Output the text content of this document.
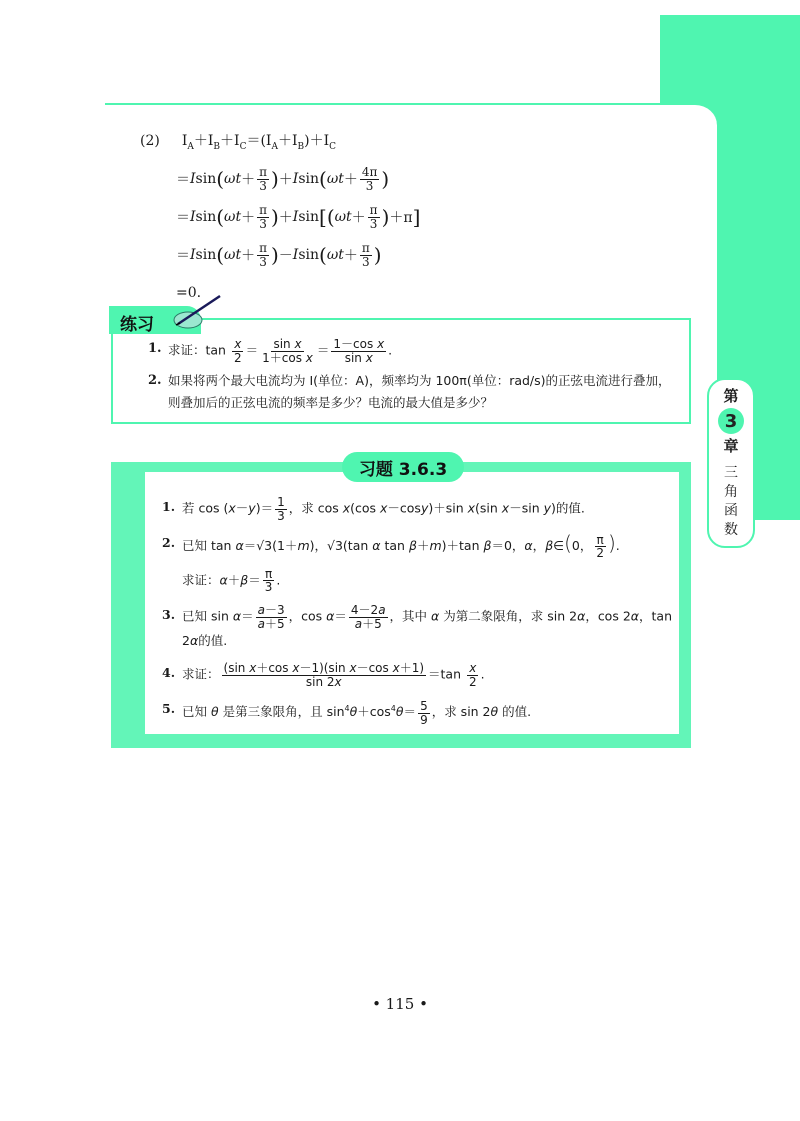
第
3
章
三
角
函
数
(2) $I_A+I_B+I_C=(I_A+I_B)+I_C$
＝ I sin ( $\omega t + \frac{\pi}{3}$ ) ＋ I sin ( $\omega t + \frac{4\pi}{3}$ )
＝ I sin ( $\omega t + \frac{\pi}{3}$ ) ＋ I sin [ ( $\omega t + \frac{\pi}{3}$ ) ＋π ]
＝ I sin ( $\omega t + \frac{\pi}{3}$ ) － I sin ( $\omega t + \frac{\pi}{3}$ )
=0.
练习
1. 求证：$\tan \frac{x}{2} = \frac{\text{sin x}}{\text{1＋cos x}} = \frac{\text{1－cos x}}{\text{sin x}}$ .
2. 如果将两个最大电流均为 I(单位：A)，频率均为 100π(单位：rad/s)的正弦电流进行叠加，则叠加后的正弦电流的频率是多少？电流的最大值是多少？
习题 3.6.3
1. 若 $\cos (x-y)= \frac{1}{3}$ ，求 cos x(cos x－cosy)＋sin x(sin x－sin y)的值.
2. 已知 tan α＝√3(1＋m)，√3(tan α tan β＋m)＋tan β＝0，α，β∈(0， $\frac{\pi}{2}$ ).
求证：$\alpha+\beta= \frac{\pi}{3}$ .
3. 已知 $\sin \alpha= \frac{a-3}{a+5}$ ，$\cos \alpha= \frac{4-2a}{a+5}$ ，其中 α 为第二象限角，求 sin 2α，cos 2α，tan 2α的值.
4. 求证： $\frac{\text{(sin x＋cos x－1)(sin x－cos x＋1)}}{\sin 2x} =\tan \frac{x}{2}$ .
5. 已知 θ 是第三象限角，且 $\sin^4\theta+\cos^4\theta= \frac{5}{9}$ ，求 sin 2θ 的值.
• 115 •
